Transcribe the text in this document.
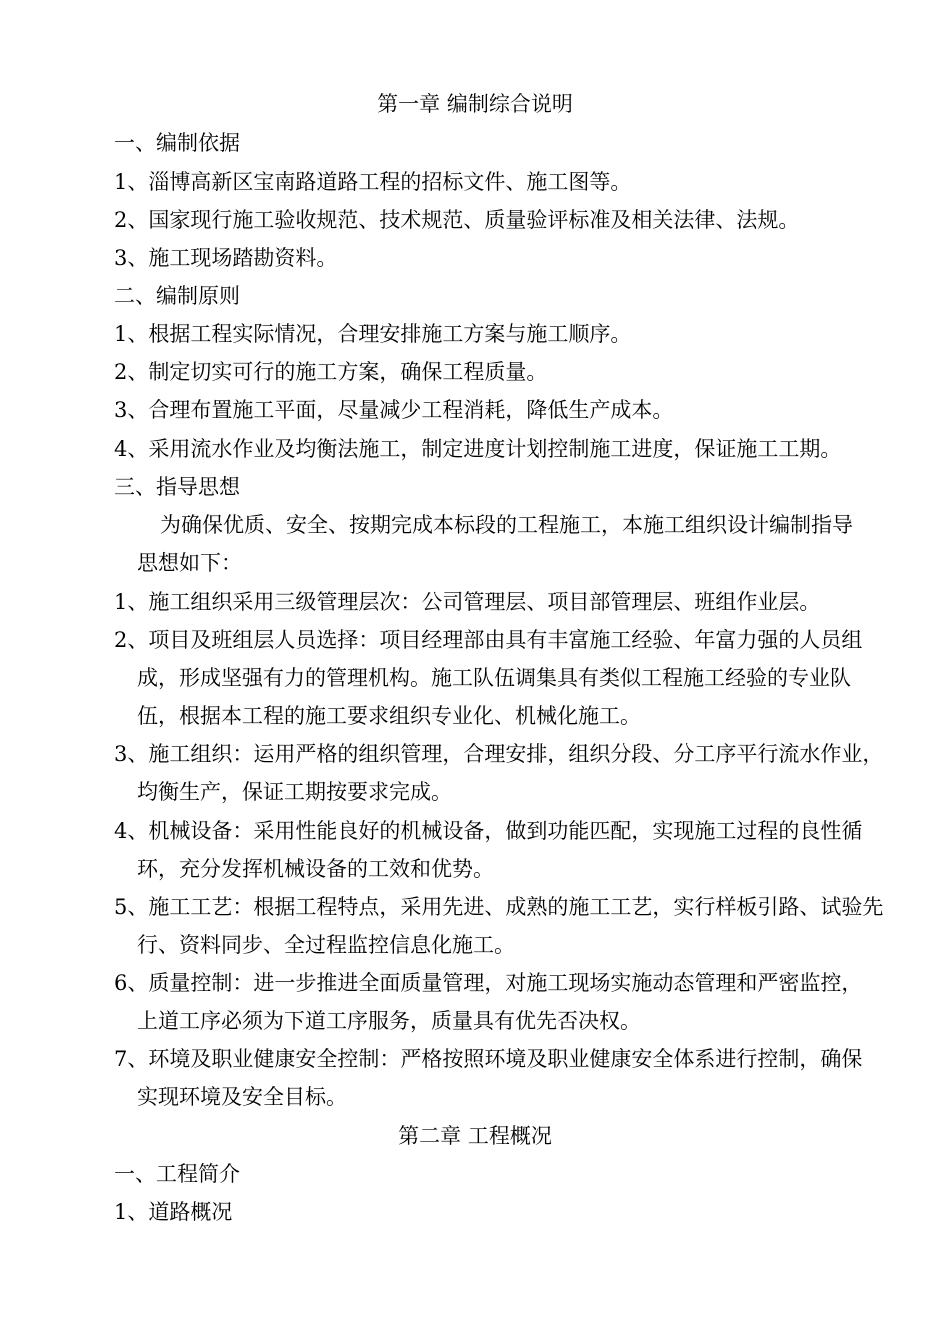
第一章 编制综合说明
一、编制依据
1、淄博高新区宝南路道路工程的招标文件、施工图等。
2、国家现行施工验收规范、技术规范、质量验评标准及相关法律、法规。
3、施工现场踏勘资料。
二、编制原则
1、根据工程实际情况，合理安排施工方案与施工顺序。
2、制定切实可行的施工方案，确保工程质量。
3、合理布置施工平面，尽量减少工程消耗，降低生产成本。
4、采用流水作业及均衡法施工，制定进度计划控制施工进度，保证施工工期。
三、指导思想
为确保优质、安全、按期完成本标段的工程施工，本施工组织设计编制指导
思想如下：
1、施工组织采用三级管理层次：公司管理层、项目部管理层、班组作业层。
2、项目及班组层人员选择：项目经理部由具有丰富施工经验、年富力强的人员组
成，形成坚强有力的管理机构。施工队伍调集具有类似工程施工经验的专业队
伍，根据本工程的施工要求组织专业化、机械化施工。
3、施工组织：运用严格的组织管理，合理安排，组织分段、分工序平行流水作业，
均衡生产，保证工期按要求完成。
4、机械设备：采用性能良好的机械设备，做到功能匹配，实现施工过程的良性循
环，充分发挥机械设备的工效和优势。
5、施工工艺：根据工程特点，采用先进、成熟的施工工艺，实行样板引路、试验先
行、资料同步、全过程监控信息化施工。
6、质量控制：进一步推进全面质量管理，对施工现场实施动态管理和严密监控，
上道工序必须为下道工序服务，质量具有优先否决权。
7、环境及职业健康安全控制：严格按照环境及职业健康安全体系进行控制，确保
实现环境及安全目标。
第二章 工程概况
一、工程简介
1、道路概况
